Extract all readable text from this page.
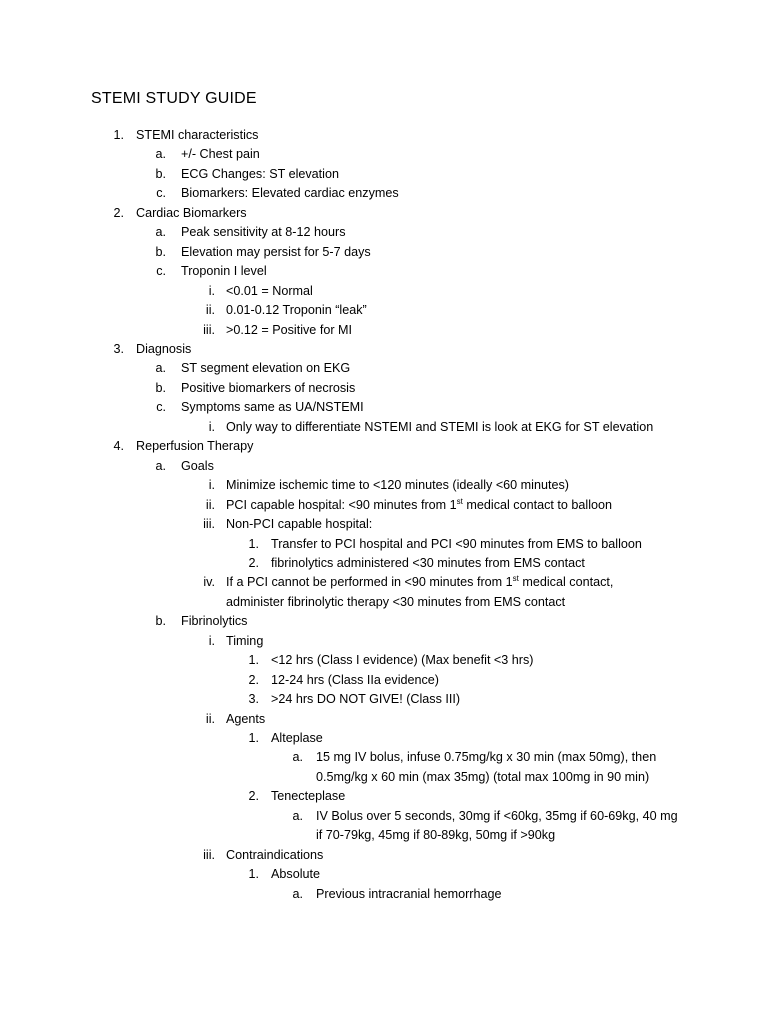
STEMI STUDY GUIDE
1. STEMI characteristics
a. +/- Chest pain
b. ECG Changes: ST elevation
c. Biomarkers: Elevated cardiac enzymes
2. Cardiac Biomarkers
a. Peak sensitivity at 8-12 hours
b. Elevation may persist for 5-7 days
c. Troponin I level
i. <0.01 = Normal
ii. 0.01-0.12 Troponin “leak”
iii. >0.12 = Positive for MI
3. Diagnosis
a. ST segment elevation on EKG
b. Positive biomarkers of necrosis
c. Symptoms same as UA/NSTEMI
i. Only way to differentiate NSTEMI and STEMI is look at EKG for ST elevation
4. Reperfusion Therapy
a. Goals
i. Minimize ischemic time to <120 minutes (ideally <60 minutes)
ii. PCI capable hospital: <90 minutes from 1st medical contact to balloon
iii. Non-PCI capable hospital:
1. Transfer to PCI hospital and PCI <90 minutes from EMS to balloon
2. fibrinolytics administered <30 minutes from EMS contact
iv. If a PCI cannot be performed in <90 minutes from 1st medical contact,
administer fibrinolytic therapy <30 minutes from EMS contact
b. Fibrinolytics
i. Timing
1. <12 hrs (Class I evidence) (Max benefit <3 hrs)
2. 12-24 hrs (Class IIa evidence)
3. >24 hrs DO NOT GIVE! (Class III)
ii. Agents
1. Alteplase
a. 15 mg IV bolus, infuse 0.75mg/kg x 30 min (max 50mg), then
0.5mg/kg x 60 min (max 35mg) (total max 100mg in 90 min)
2. Tenecteplase
a. IV Bolus over 5 seconds, 30mg if <60kg, 35mg if 60-69kg, 40 mg
if 70-79kg, 45mg if 80-89kg, 50mg if >90kg
iii. Contraindications
1. Absolute
a. Previous intracranial hemorrhage
